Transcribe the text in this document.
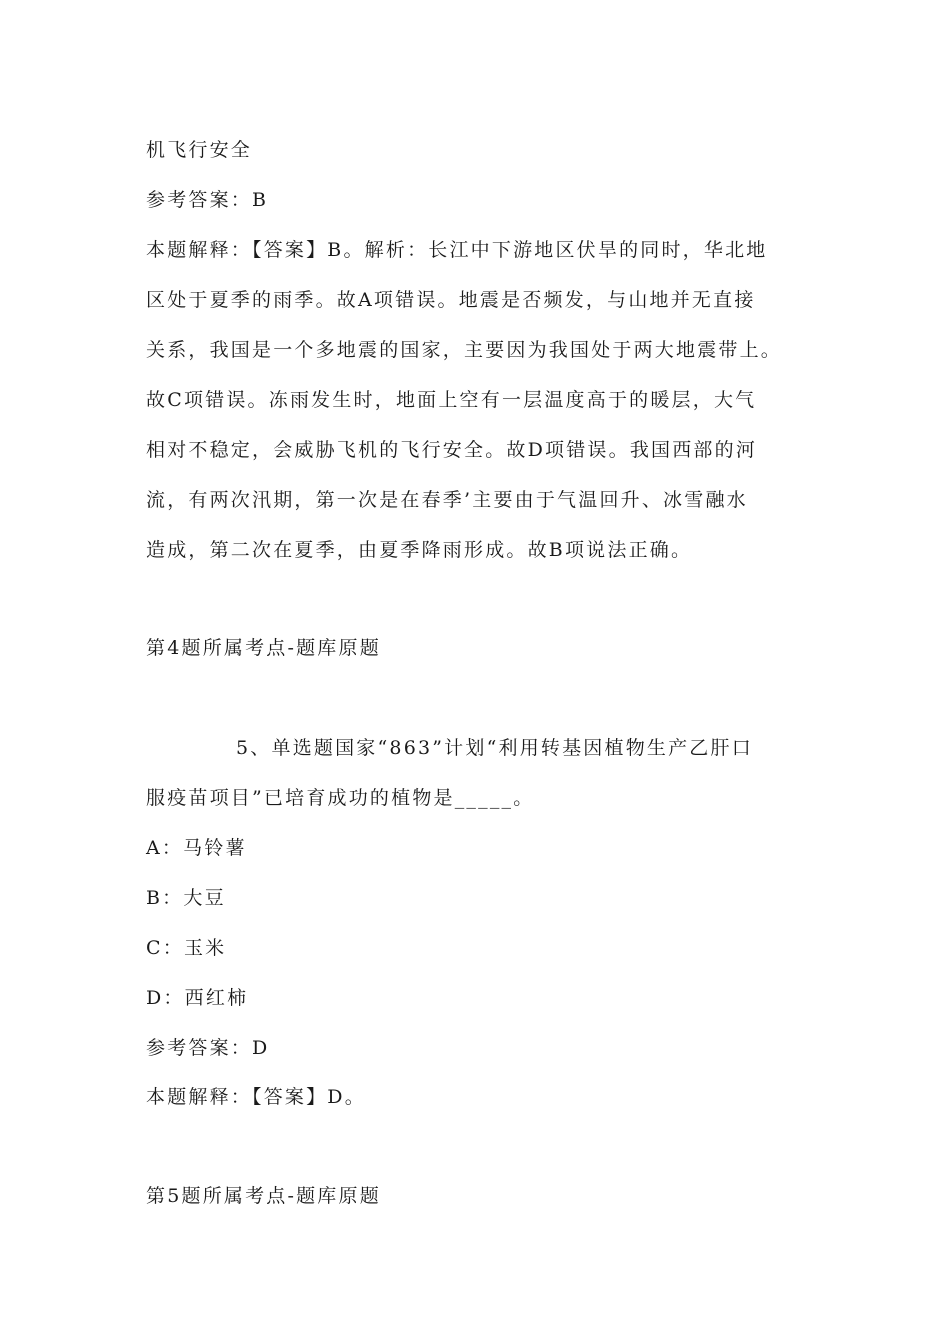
机飞行安全
参考答案：B
本题解释：【答案】B。解析：长江中下游地区伏旱的同时，华北地
区处于夏季的雨季。故A项错误。地震是否频发，与山地并无直接
关系，我国是一个多地震的国家，主要因为我国处于两大地震带上。
故C项错误。冻雨发生时，地面上空有一层温度高于的暖层，大气
相对不稳定，会威胁飞机的飞行安全。故D项错误。我国西部的河
流，有两次汛期，第一次是在春季’主要由于气温回升、冰雪融水
造成，第二次在夏季，由夏季降雨形成。故B项说法正确。
第4题所属考点-题库原题
5、单选题国家“863”计划“利用转基因植物生产乙肝口
服疫苗项目”已培育成功的植物是_____。
A：马铃薯
B：大豆
C：玉米
D：西红柿
参考答案：D
本题解释：【答案】D。
第5题所属考点-题库原题
